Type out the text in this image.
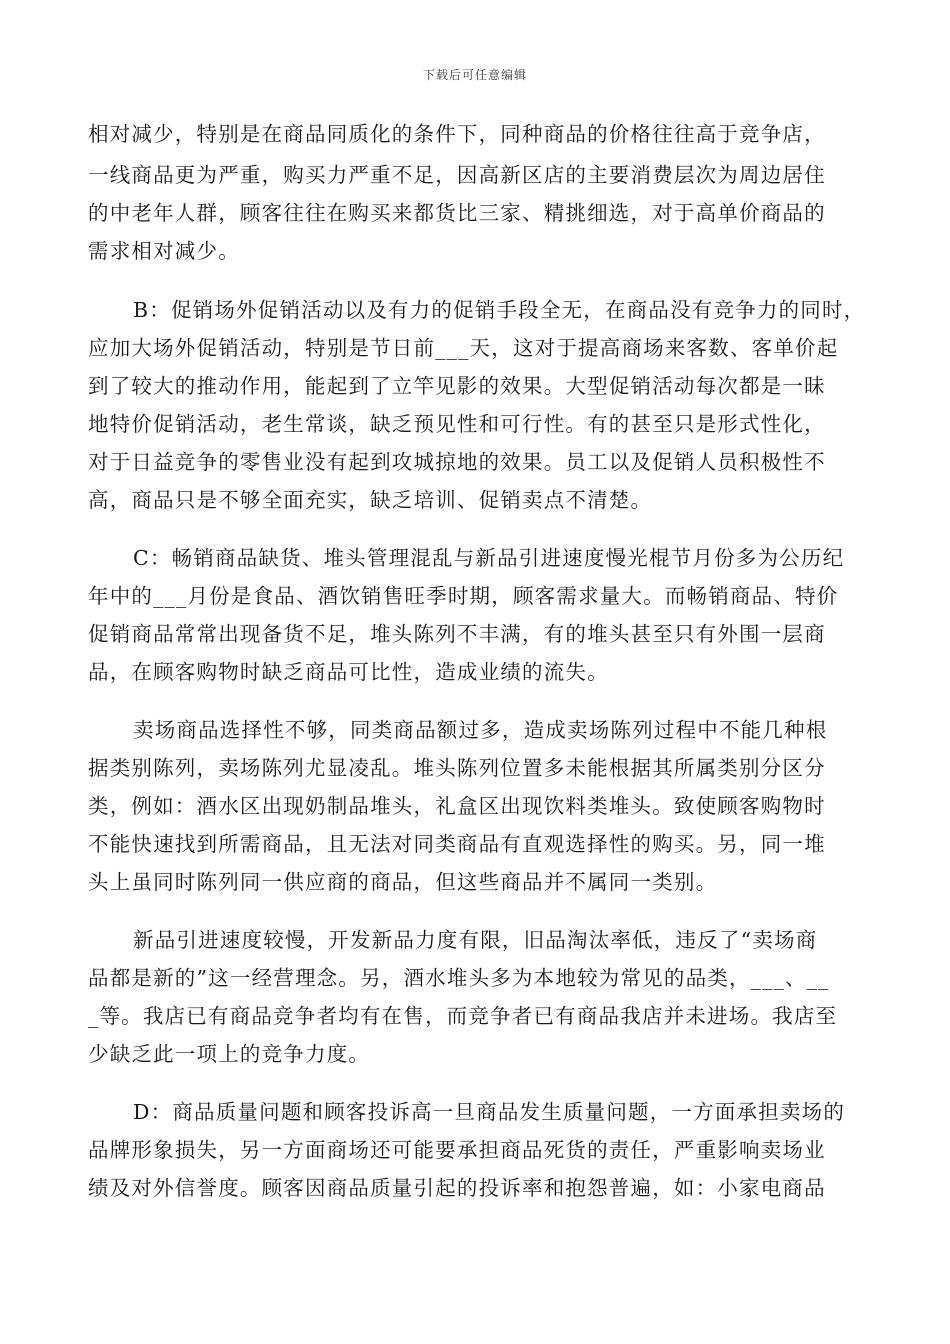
下载后可任意编辑
相对减少，特别是在商品同质化的条件下，同种商品的价格往往高于竞争店，
一线商品更为严重，购买力严重不足，因高新区店的主要消费层次为周边居住
的中老年人群，顾客往往在购买来都货比三家、精挑细选，对于高单价商品的
需求相对减少。
B：促销场外促销活动以及有力的促销手段全无，在商品没有竞争力的同时，
应加大场外促销活动，特别是节日前___天，这对于提高商场来客数、客单价起
到了较大的推动作用，能起到了立竿见影的效果。大型促销活动每次都是一昧
地特价促销活动，老生常谈，缺乏预见性和可行性。有的甚至只是形式性化，
对于日益竞争的零售业没有起到攻城掠地的效果。员工以及促销人员积极性不
高，商品只是不够全面充实，缺乏培训、促销卖点不清楚。
C：畅销商品缺货、堆头管理混乱与新品引进速度慢光棍节月份多为公历纪
年中的___月份是食品、酒饮销售旺季时期，顾客需求量大。而畅销商品、特价
促销商品常常出现备货不足，堆头陈列不丰满，有的堆头甚至只有外围一层商
品，在顾客购物时缺乏商品可比性，造成业绩的流失。
卖场商品选择性不够，同类商品额过多，造成卖场陈列过程中不能几种根
据类别陈列，卖场陈列尤显凌乱。堆头陈列位置多未能根据其所属类别分区分
类，例如：酒水区出现奶制品堆头，礼盒区出现饮料类堆头。致使顾客购物时
不能快速找到所需商品，且无法对同类商品有直观选择性的购买。另，同一堆
头上虽同时陈列同一供应商的商品，但这些商品并不属同一类别。
新品引进速度较慢，开发新品力度有限，旧品淘汰率低，违反了“卖场商
品都是新的”这一经营理念。另，酒水堆头多为本地较为常见的品类，___、__
_等。我店已有商品竞争者均有在售，而竞争者已有商品我店并未进场。我店至
少缺乏此一项上的竞争力度。
D：商品质量问题和顾客投诉高一旦商品发生质量问题，一方面承担卖场的
品牌形象损失，另一方面商场还可能要承担商品死货的责任，严重影响卖场业
绩及对外信誉度。顾客因商品质量引起的投诉率和抱怨普遍，如：小家电商品
